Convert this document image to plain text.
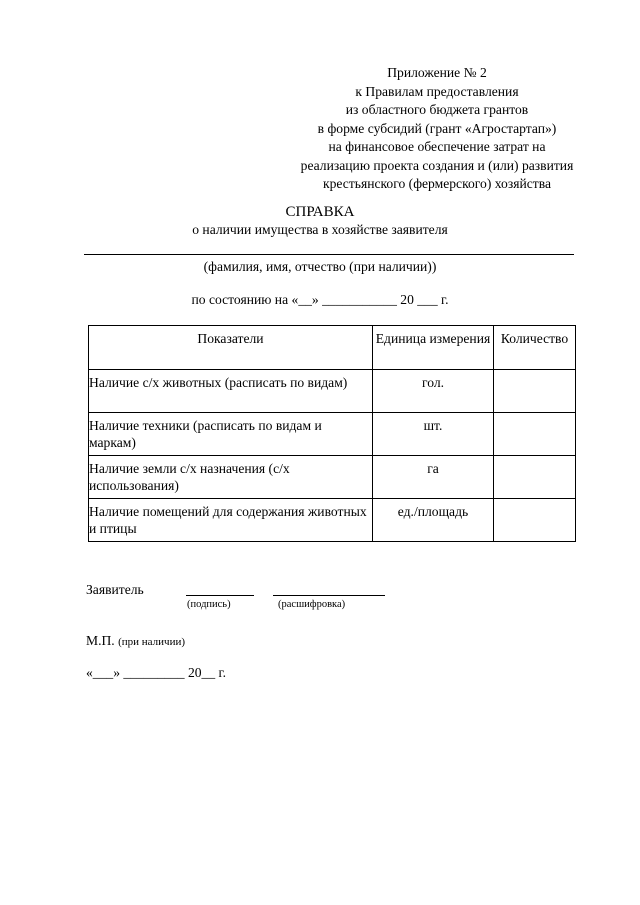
Приложение № 2
к Правилам предоставления
из областного бюджета грантов
в форме субсидий (грант «Агростартап»)
на финансовое обеспечение затрат на
реализацию проекта создания и (или) развития
крестьянского (фермерского) хозяйства
СПРАВКА
о наличии имущества в хозяйстве заявителя
(фамилия, имя, отчество (при наличии))
по состоянию на «__» ___________ 20 ___ г.
Показатели	Единица измерения	Количество
Наличие с/х животных (расписать по видам)	гол.	
Наличие техники (расписать по видам и маркам)	шт.	
Наличие земли с/х назначения (с/х использования)	га	
Наличие помещений для содержания животных и птицы	ед./площадь	
Заявитель
(подпись)	(расшифровка)
М.П. (при наличии)
«___» _________ 20__ г.
